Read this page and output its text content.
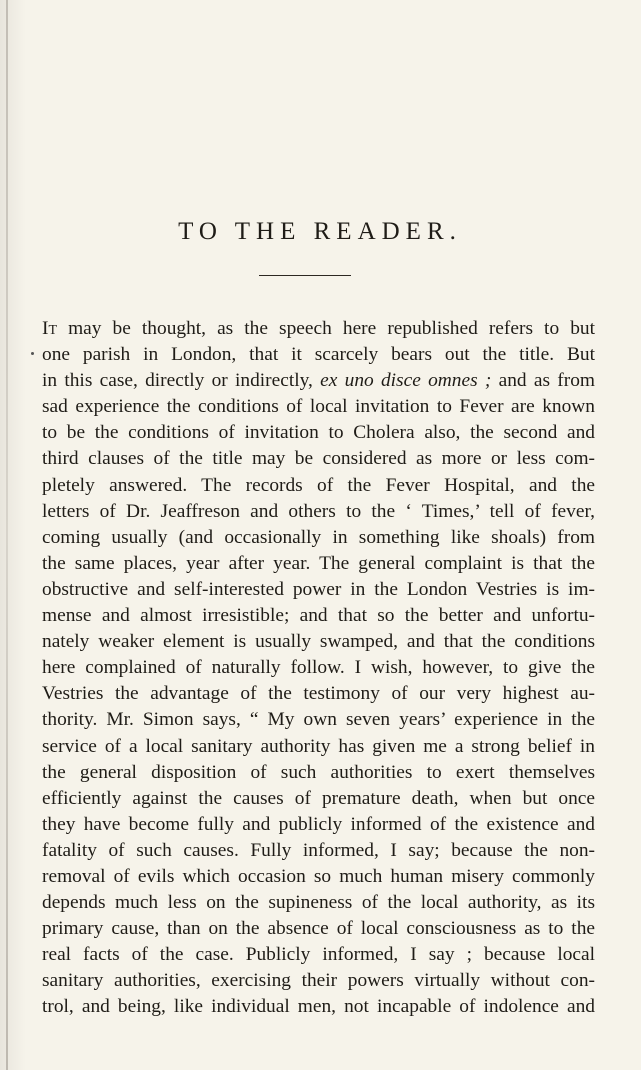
TO THE READER.
It may be thought, as the speech here republished refers to but
one parish in London, that it scarcely bears out the title. But
in this case, directly or indirectly, ex uno disce omnes ; and as from
sad experience the conditions of local invitation to Fever are known
to be the conditions of invitation to Cholera also, the second and
third clauses of the title may be considered as more or less com-
pletely answered. The records of the Fever Hospital, and the
letters of Dr. Jeaffreson and others to the ‘ Times,’ tell of fever,
coming usually (and occasionally in something like shoals) from
the same places, year after year. The general complaint is that the
obstructive and self-interested power in the London Vestries is im-
mense and almost irresistible; and that so the better and unfortu-
nately weaker element is usually swamped, and that the conditions
here complained of naturally follow. I wish, however, to give the
Vestries the advantage of the testimony of our very highest au-
thority. Mr. Simon says, “ My own seven years’ experience in the
service of a local sanitary authority has given me a strong belief in
the general disposition of such authorities to exert themselves
efficiently against the causes of premature death, when but once
they have become fully and publicly informed of the existence and
fatality of such causes. Fully informed, I say; because the non-
removal of evils which occasion so much human misery commonly
depends much less on the supineness of the local authority, as its
primary cause, than on the absence of local consciousness as to the
real facts of the case. Publicly informed, I say ; because local
sanitary authorities, exercising their powers virtually without con-
trol, and being, like individual men, not incapable of indolence and
